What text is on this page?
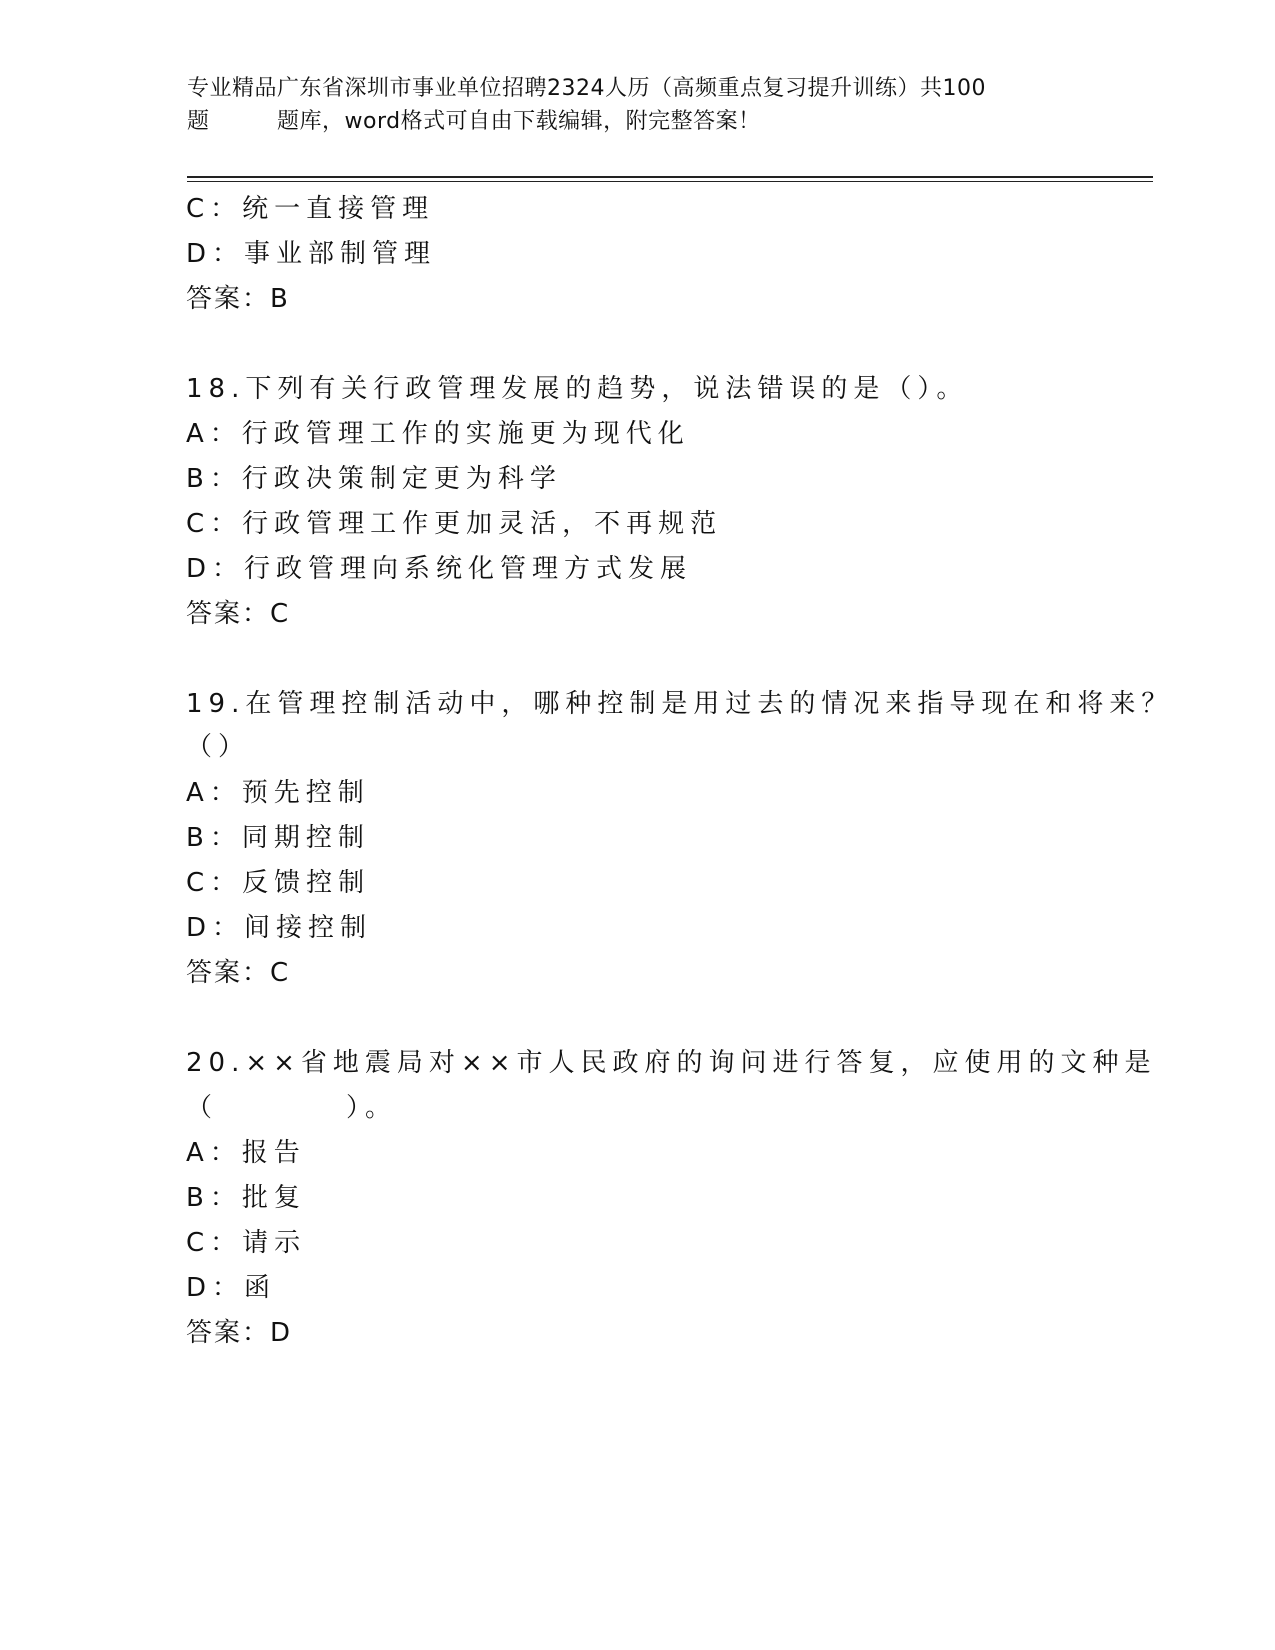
专业精品广东省深圳市事业单位招聘2324人历（高频重点复习提升训练）共100
题　　　题库，word格式可自由下载编辑，附完整答案！
C：统一直接管理
D：事业部制管理
答案：B
18.下列有关行政管理发展的趋势，说法错误的是（）。
A：行政管理工作的实施更为现代化
B：行政决策制定更为科学
C：行政管理工作更加灵活，不再规范
D：行政管理向系统化管理方式发展
答案：C
19.在管理控制活动中，哪种控制是用过去的情况来指导现在和将来？
（）
A：预先控制
B：同期控制
C：反馈控制
D：间接控制
答案：C
20.××省地震局对××市人民政府的询问进行答复，应使用的文种是
（　　　　）。
A：报告
B：批复
C：请示
D：函
答案：D
